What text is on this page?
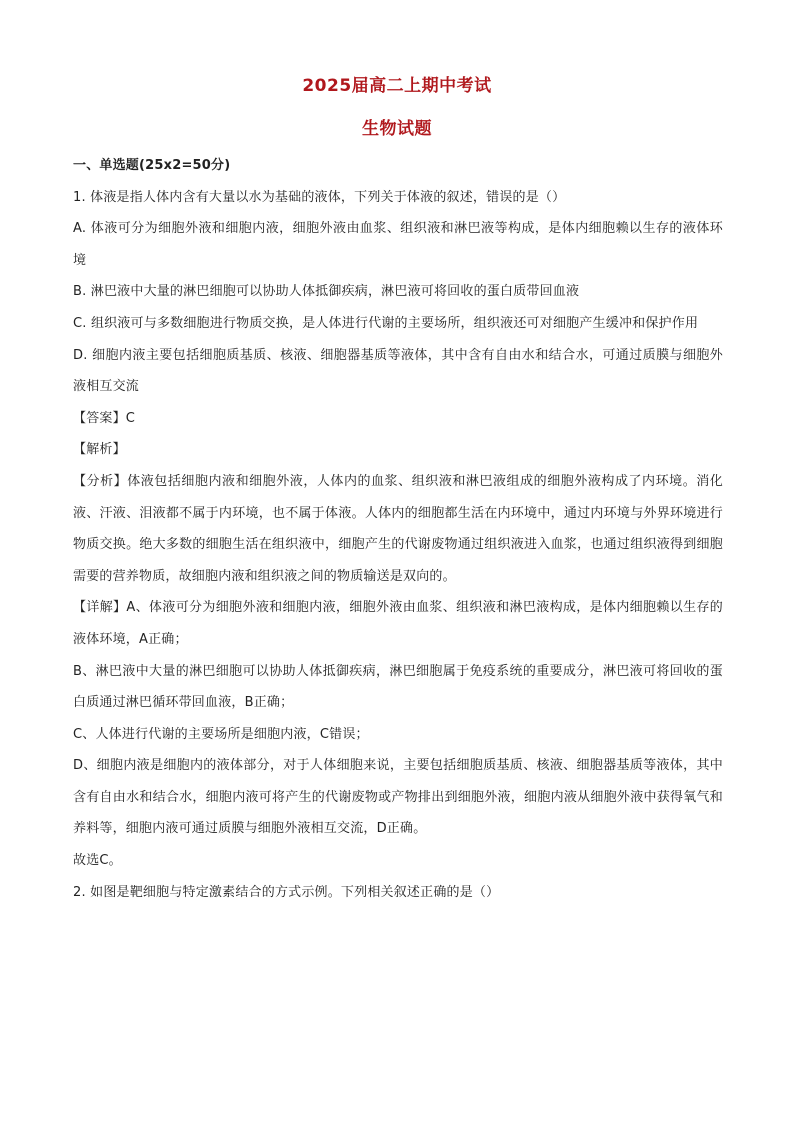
2025届高二上期中考试
生物试题

一、单选题(25x2=50分)

1. 体液是指人体内含有大量以水为基础的液体，下列关于体液的叙述，错误的是（）

A. 体液可分为细胞外液和细胞内液，细胞外液由血浆、组织液和淋巴液等构成，是体内细胞赖以生存的液体环境

B. 淋巴液中大量的淋巴细胞可以协助人体抵御疾病，淋巴液可将回收的蛋白质带回血液

C. 组织液可与多数细胞进行物质交换，是人体进行代谢的主要场所，组织液还可对细胞产生缓冲和保护作用

D. 细胞内液主要包括细胞质基质、核液、细胞器基质等液体，其中含有自由水和结合水，可通过质膜与细胞外液相互交流

【答案】C

【解析】

【分析】体液包括细胞内液和细胞外液，人体内的血浆、组织液和淋巴液组成的细胞外液构成了内环境。消化液、汗液、泪液都不属于内环境，也不属于体液。人体内的细胞都生活在内环境中，通过内环境与外界环境进行物质交换。绝大多数的细胞生活在组织液中，细胞产生的代谢废物通过组织液进入血浆，也通过组织液得到细胞需要的营养物质，故细胞内液和组织液之间的物质输送是双向的。

【详解】A、体液可分为细胞外液和细胞内液，细胞外液由血浆、组织液和淋巴液构成，是体内细胞赖以生存的液体环境，A正确；

B、淋巴液中大量的淋巴细胞可以协助人体抵御疾病，淋巴细胞属于免疫系统的重要成分，淋巴液可将回收的蛋白质通过淋巴循环带回血液，B正确；

C、人体进行代谢的主要场所是细胞内液，C错误；

D、细胞内液是细胞内的液体部分，对于人体细胞来说，主要包括细胞质基质、核液、细胞器基质等液体，其中含有自由水和结合水，细胞内液可将产生的代谢废物或产物排出到细胞外液，细胞内液从细胞外液中获得氧气和养料等，细胞内液可通过质膜与细胞外液相互交流，D正确。

故选C。

2. 如图是靶细胞与特定激素结合的方式示例。下列相关叙述正确的是（）
